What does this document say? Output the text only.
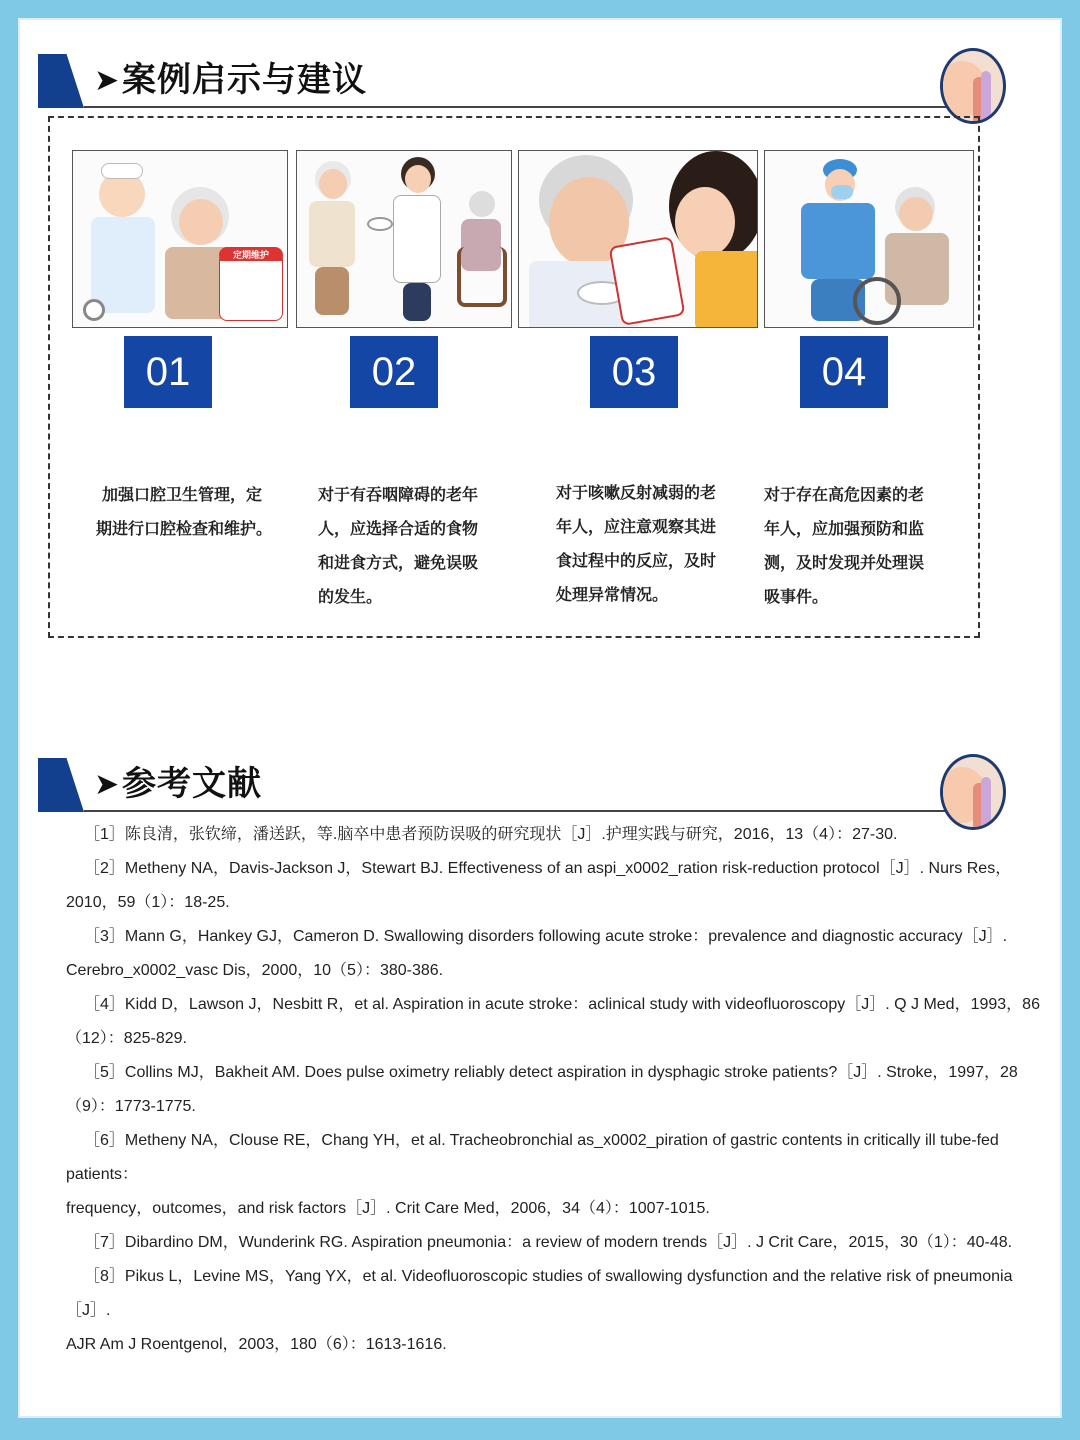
➤ 案例启示与建议
定期维护
01	02	03	04
加强口腔卫生管理，定
期进行口腔检查和维护。
对于有吞咽障碍的老年
人，应选择合适的食物
和进食方式，避免误吸
的发生。
对于咳嗽反射减弱的老
年人，应注意观察其进
食过程中的反应，及时
处理异常情况。
对于存在高危因素的老
年人，应加强预防和监
测，及时发现并处理误
吸事件。
➤ 参考文献

［1］陈良清，张钦缔，潘送跃，等.脑卒中患者预防误吸的研究现状［J］.护理实践与研究，2016，13（4）：27-30.

［2］Metheny NA，Davis-Jackson J，Stewart BJ. Effectiveness of an aspi_x0002_ration risk-reduction protocol［J］. Nurs Res，

2010，59（1）：18-25.

［3］Mann G，Hankey GJ，Cameron D. Swallowing disorders following acute stroke：prevalence and diagnostic accuracy［J］.

Cerebro_x0002_vasc Dis，2000，10（5）：380-386.

［4］Kidd D，Lawson J，Nesbitt R，et al. Aspiration in acute stroke：aclinical study with videofluoroscopy［J］. Q J Med，1993，86

（12）：825-829.

［5］Collins MJ，Bakheit AM. Does pulse oximetry reliably detect aspiration in dysphagic stroke patients?［J］. Stroke，1997，28

（9）：1773-1775.

［6］Metheny NA，Clouse RE，Chang YH，et al. Tracheobronchial as_x0002_piration of gastric contents in critically ill tube-fed

patients：

frequency，outcomes，and risk factors［J］. Crit Care Med，2006，34（4）：1007-1015.

［7］Dibardino DM，Wunderink RG. Aspiration pneumonia：a review of modern trends［J］. J Crit Care，2015，30（1）：40-48.

［8］Pikus L，Levine MS，Yang YX，et al. Videofluoroscopic studies of swallowing dysfunction and the relative risk of pneumonia

［J］.

AJR Am J Roentgenol，2003，180（6）：1613-1616.
